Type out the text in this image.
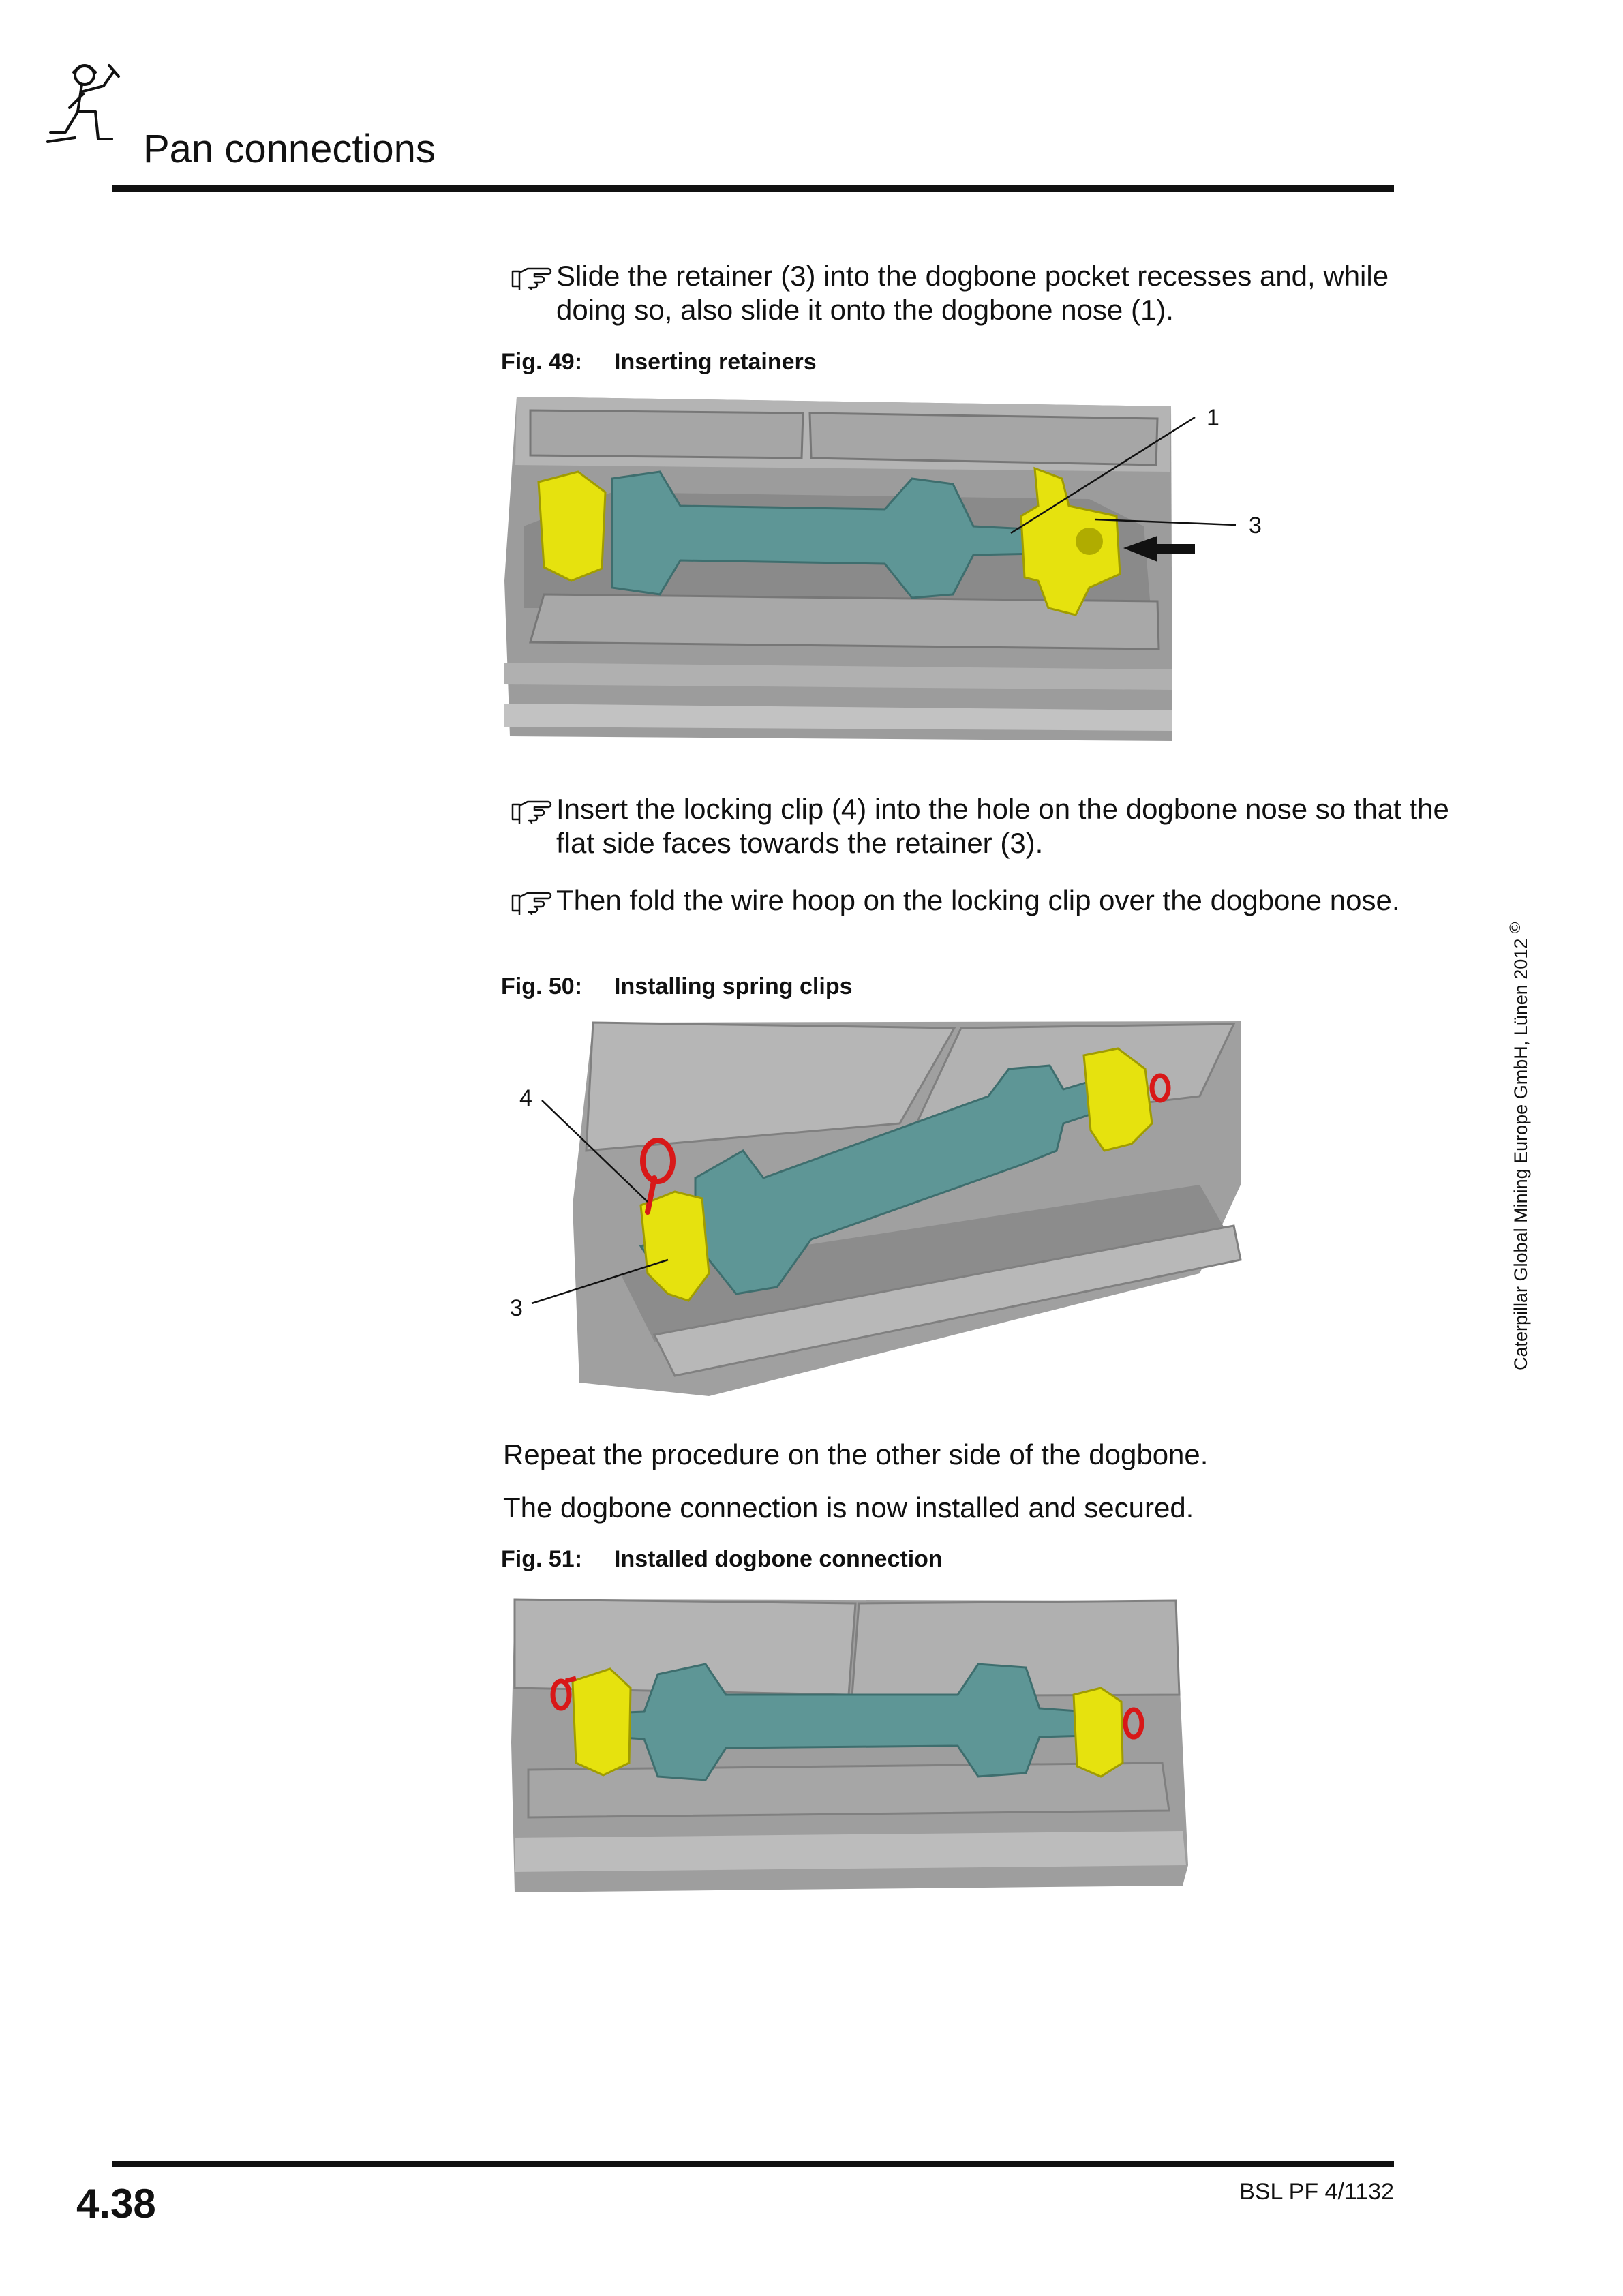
Pan connections
Slide the retainer (3) into the dogbone pocket recesses and, while doing so, also slide it onto the dogbone nose (1).
Fig. 49: Inserting retainers
1
3
Insert the locking clip (4) into the hole on the dogbone nose so that the flat side faces towards the retainer (3).
Then fold the wire hoop on the locking clip over the dogbone nose.
Fig. 50: Installing spring clips
4
3
Repeat the procedure on the other side of the dogbone.
The dogbone connection is now installed and secured.
Fig. 51: Installed dogbone connection
Caterpillar Global Mining Europe GmbH, Lünen 2012 ©
4.38	BSL PF 4/1132
